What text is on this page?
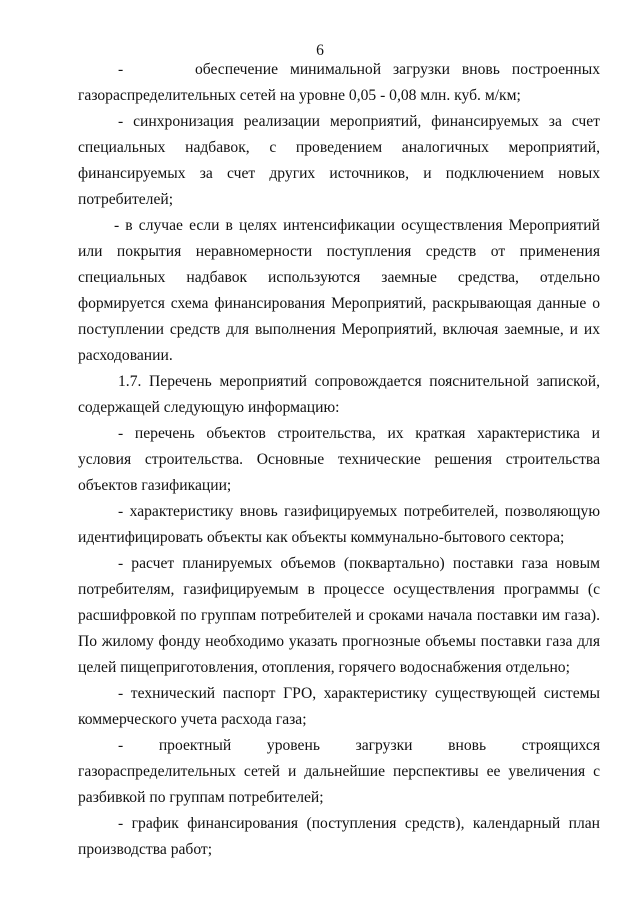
6

-      обеспечение минимальной загрузки вновь построенных газораспределительных сетей на уровне 0,05 - 0,08 млн. куб. м/км;

- синхронизация реализации мероприятий, финансируемых за счет специальных надбавок, с проведением аналогичных мероприятий, финансируемых за счет других источников, и подключением новых потребителей;

- в случае если в целях интенсификации осуществления Мероприятий или покрытия неравномерности поступления средств от применения специальных надбавок используются заемные средства, отдельно формируется схема финансирования Мероприятий, раскрывающая данные о поступлении средств для выполнения Мероприятий, включая заемные, и их расходовании.

1.7. Перечень мероприятий сопровождается пояснительной запиской, содержащей следующую информацию:

- перечень объектов строительства, их краткая характеристика и условия строительства. Основные технические решения строительства объектов газификации;

- характеристику вновь газифицируемых потребителей, позволяющую идентифицировать объекты как объекты коммунально-бытового сектора;

- расчет планируемых объемов (поквартально) поставки газа новым потребителям, газифицируемым в процессе осуществления программы (с расшифровкой по группам потребителей и сроками начала поставки им газа). По жилому фонду необходимо указать прогнозные объемы поставки газа для целей пищеприготовления, отопления, горячего водоснабжения отдельно;

- технический паспорт ГРО, характеристику существующей системы коммерческого учета расхода газа;

- проектный уровень загрузки вновь строящихся газораспределительных сетей и дальнейшие перспективы ее увеличения с разбивкой по группам потребителей;

- график финансирования (поступления средств), календарный план производства работ;
